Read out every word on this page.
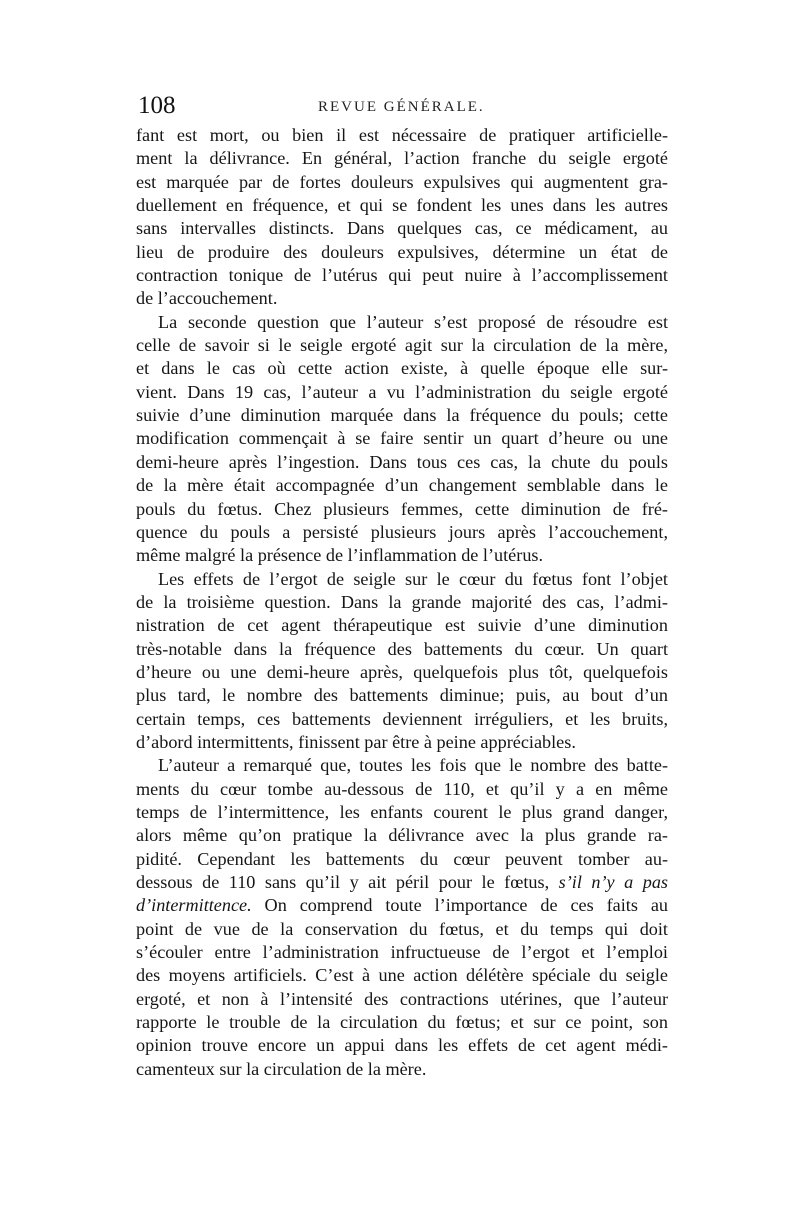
108	REVUE GÉNÉRALE.

fant est mort, ou bien il est nécessaire de pratiquer artificielle-
ment la délivrance. En général, l’action franche du seigle ergoté
est marquée par de fortes douleurs expulsives qui augmentent gra-
duellement en fréquence, et qui se fondent les unes dans les autres
sans intervalles distincts. Dans quelques cas, ce médicament, au
lieu de produire des douleurs expulsives, détermine un état de
contraction tonique de l’utérus qui peut nuire à l’accomplissement
de l’accouchement.

La seconde question que l’auteur s’est proposé de résoudre est
celle de savoir si le seigle ergoté agit sur la circulation de la mère,
et dans le cas où cette action existe, à quelle époque elle sur-
vient. Dans 19 cas, l’auteur a vu l’administration du seigle ergoté
suivie d’une diminution marquée dans la fréquence du pouls; cette
modification commençait à se faire sentir un quart d’heure ou une
demi-heure après l’ingestion. Dans tous ces cas, la chute du pouls
de la mère était accompagnée d’un changement semblable dans le
pouls du fœtus. Chez plusieurs femmes, cette diminution de fré-
quence du pouls a persisté plusieurs jours après l’accouchement,
même malgré la présence de l’inflammation de l’utérus.

Les effets de l’ergot de seigle sur le cœur du fœtus font l’objet
de la troisième question. Dans la grande majorité des cas, l’admi-
nistration de cet agent thérapeutique est suivie d’une diminution
très-notable dans la fréquence des battements du cœur. Un quart
d’heure ou une demi-heure après, quelquefois plus tôt, quelquefois
plus tard, le nombre des battements diminue; puis, au bout d’un
certain temps, ces battements deviennent irréguliers, et les bruits,
d’abord intermittents, finissent par être à peine appréciables.

L’auteur a remarqué que, toutes les fois que le nombre des batte-
ments du cœur tombe au-dessous de 110, et qu’il y a en même
temps de l’intermittence, les enfants courent le plus grand danger,
alors même qu’on pratique la délivrance avec la plus grande ra-
pidité. Cependant les battements du cœur peuvent tomber au-
dessous de 110 sans qu’il y ait péril pour le fœtus, s’il n’y a pas
d’intermittence. On comprend toute l’importance de ces faits au
point de vue de la conservation du fœtus, et du temps qui doit
s’écouler entre l’administration infructueuse de l’ergot et l’emploi
des moyens artificiels. C’est à une action délétère spéciale du seigle
ergoté, et non à l’intensité des contractions utérines, que l’auteur
rapporte le trouble de la circulation du fœtus; et sur ce point, son
opinion trouve encore un appui dans les effets de cet agent médi-
camenteux sur la circulation de la mère.
